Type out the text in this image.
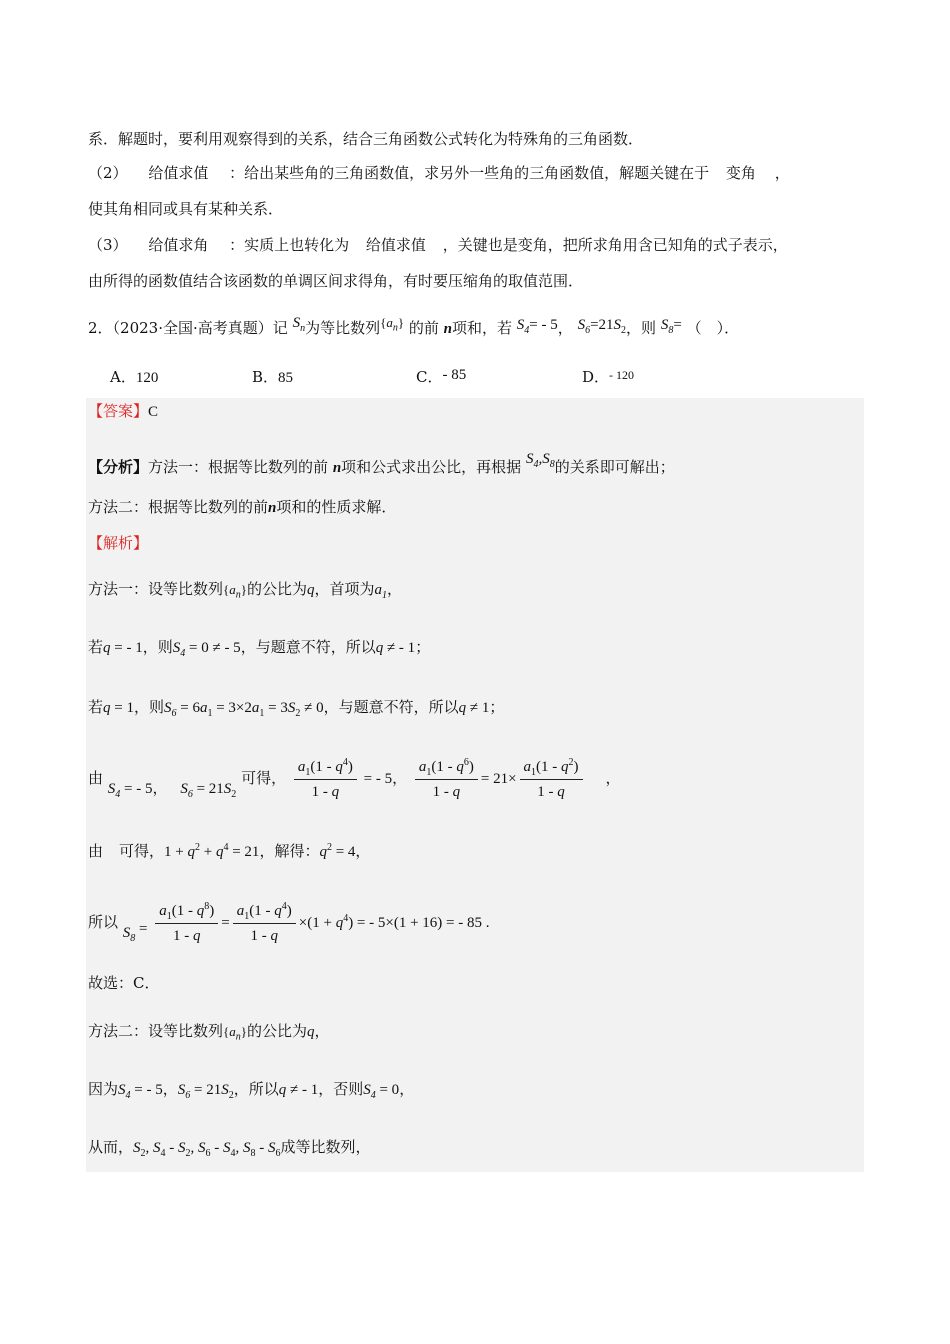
系．解题时，要利用观察得到的关系，结合三角函数公式转化为特殊角的三角函数．
（2） 给值求值 ：给出某些角的三角函数值，求另外一些角的三角函数值，解题关键在于 变角 ，
使其角相同或具有某种关系．
（3） 给值求角 ：实质上也转化为 给值求值 ，关键也是变角，把所求角用含已知角的式子表示，
由所得的函数值结合该函数的单调区间求得角，有时要压缩角的取值范围．
2．（2023·全国·高考真题）记 $S_n$为等比数列$\{a_n\}$ 的前 n项和，若 $S_4= - 5$， $S_6=21S_2$，则 $S_8=$ （　）．
A．120	B．85	C．- 85	D．$^{- 120}$
【答案】C
【分析】方法一：根据等比数列的前 n项和公式求出公比，再根据 $S_4,S_8$的关系即可解出；
方法二：根据等比数列的前n项和的性质求解．
【解析】
方法一：设等比数列$\{a_n\}$的公比为q，首项为$a_1$，
若q = - 1，则$S_4 = 0$ ≠ - 5，与题意不符，所以q ≠ - 1；
若q = 1，则$S_6 = 6a_1 = 3\times 2a_1 = 3S_2 \ne 0$，与题意不符，所以q ≠ 1；
由 $S_4$ = - 5， $S_6 = 21S_2$ 可得， $\frac{a_1(1 - q^4)}{1 - q}$ = - 5， $\frac{a_1(1 - q^6)}{1 - q} = 21\times \frac{a_1(1 - q^2)}{1 - q}$ ，
由 可得，$1 + q^2 + q^4 = 21$，解得：$q^2 = 4$，
所以 $S_8 = \frac{a_1(1 - q^8)}{1 - q} = \frac{a_1(1 - q^4)}{1 - q} \times(1 + q^4)$ = - 5×(1 + 16) = - 85 .
故选：C．
方法二：设等比数列$\{a_n\}$的公比为q，
因为$S_4$ = - 5，$S_6 = 21S_2$，所以q ≠ - 1，否则$S_4 = 0$，
从而，$S_2$, $S_4 - S_2$, $S_6 - S_4$, $S_8 - S_6$成等比数列，
